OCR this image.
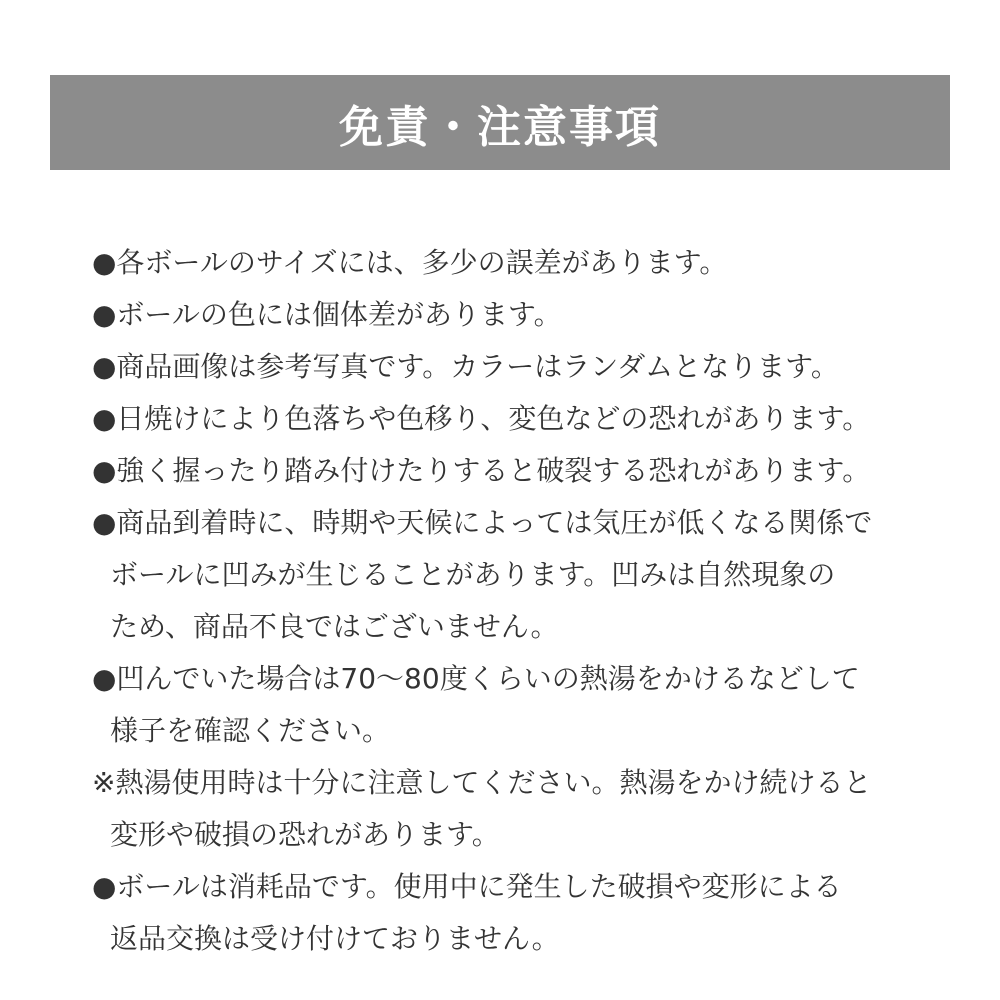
免責・注意事項
●各ボールのサイズには、多少の誤差があります。
●ボールの色には個体差があります。
●商品画像は参考写真です。カラーはランダムとなります。
●日焼けにより色落ちや色移り、変色などの恐れがあります。
●強く握ったり踏み付けたりすると破裂する恐れがあります。
●商品到着時に、時期や天候によっては気圧が低くなる関係で
ボールに凹みが生じることがあります。凹みは自然現象の
ため、商品不良ではございません。
●凹んでいた場合は70〜80度くらいの熱湯をかけるなどして
様子を確認ください。
※熱湯使用時は十分に注意してください。熱湯をかけ続けると
変形や破損の恐れがあります。
●ボールは消耗品です。使用中に発生した破損や変形による
返品交換は受け付けておりません。
